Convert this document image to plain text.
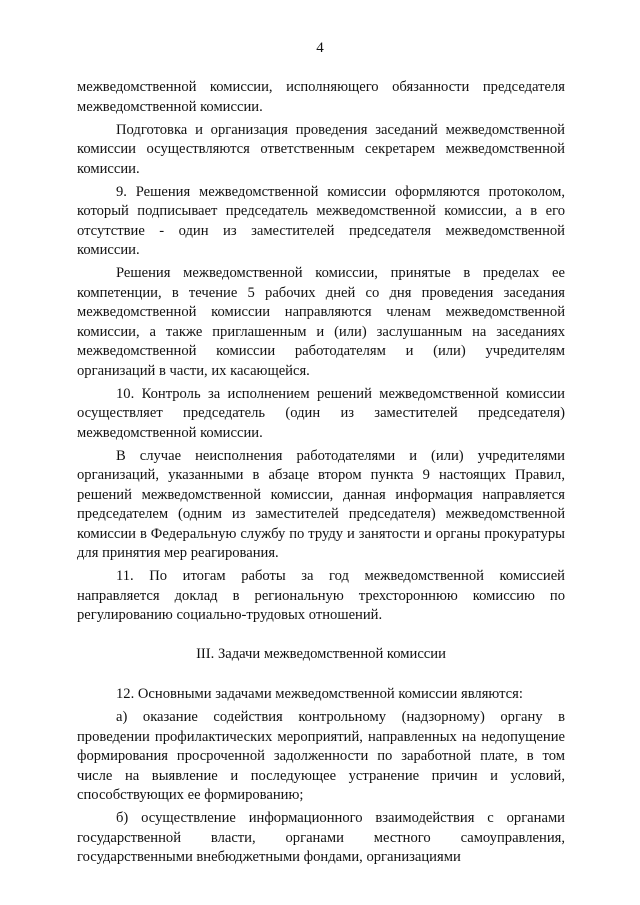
4

межведомственной комиссии, исполняющего обязанности председателя межведомственной комиссии.

Подготовка и организация проведения заседаний межведомственной комиссии осуществляются ответственным секретарем межведомственной комиссии.

9. Решения межведомственной комиссии оформляются протоколом, который подписывает председатель межведомственной комиссии, а в его отсутствие - один из заместителей председателя межведомственной комиссии.

Решения межведомственной комиссии, принятые в пределах ее компетенции, в течение 5 рабочих дней со дня проведения заседания межведомственной комиссии направляются членам межведомственной комиссии, а также приглашенным и (или) заслушанным на заседаниях межведомственной комиссии работодателям и (или) учредителям организаций в части, их касающейся.

10. Контроль за исполнением решений межведомственной комиссии осуществляет председатель (один из заместителей председателя) межведомственной комиссии.

В случае неисполнения работодателями и (или) учредителями организаций, указанными в абзаце втором пункта 9 настоящих Правил, решений межведомственной комиссии, данная информация направляется председателем (одним из заместителей председателя) межведомственной комиссии в Федеральную службу по труду и занятости и органы прокуратуры для принятия мер реагирования.

11. По итогам работы за год межведомственной комиссией направляется доклад в региональную трехстороннюю комиссию по регулированию социально-трудовых отношений.

III. Задачи межведомственной комиссии

12. Основными задачами межведомственной комиссии являются:

а) оказание содействия контрольному (надзорному) органу в проведении профилактических мероприятий, направленных на недопущение формирования просроченной задолженности по заработной плате, в том числе на выявление и последующее устранение причин и условий, способствующих ее формированию;

б) осуществление информационного взаимодействия с органами государственной власти, органами местного самоуправления, государственными внебюджетными фондами, организациями
